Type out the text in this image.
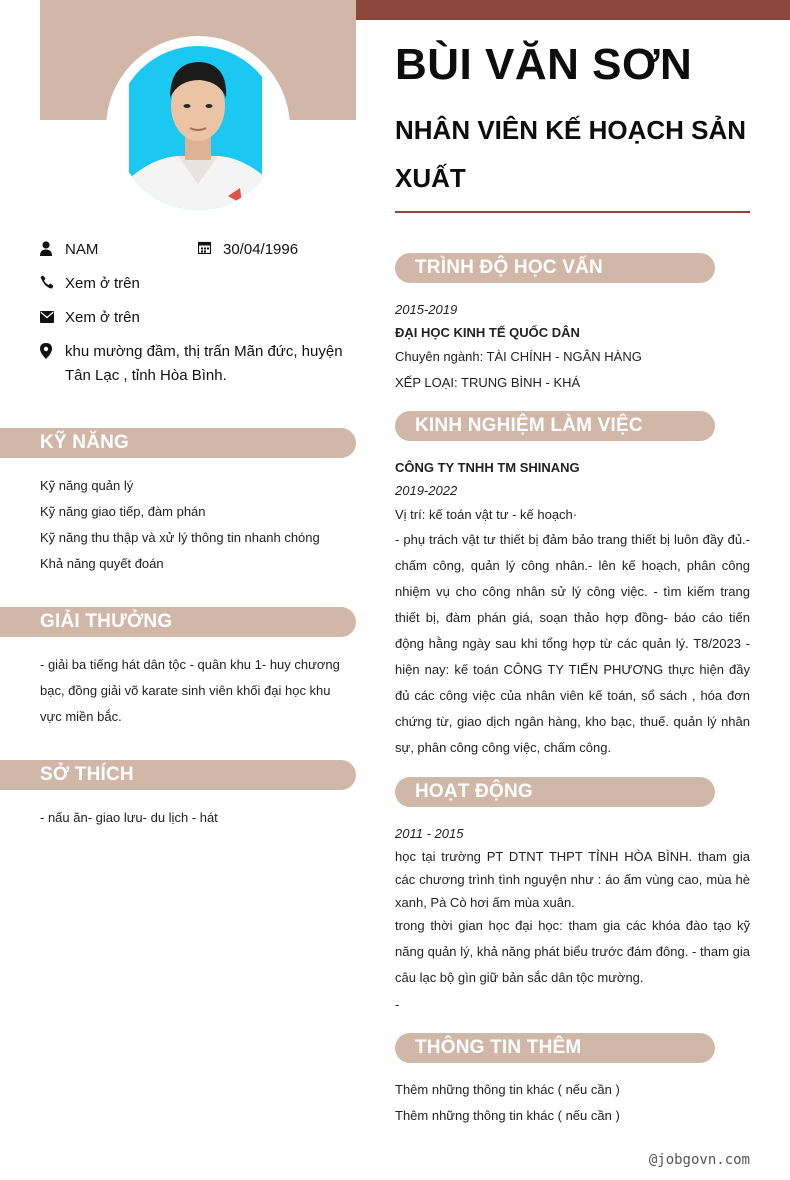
NAM	30/04/1996
Xem ở trên
Xem ở trên
khu mường đầm, thị trấn Mãn đức, huyện Tân Lạc , tỉnh Hòa Bình.
KỸ NĂNG
Kỹ năng quản lý
Kỹ năng giao tiếp, đàm phán
Kỹ năng thu thập và xử lý thông tin nhanh chóng
Khả năng quyết đoán
GIẢI THƯỞNG
- giải ba tiếng hát dân tộc - quân khu 1- huy chương bạc, đồng giải võ karate sinh viên khối đại học khu vực miền bắc.
SỞ THÍCH
- nấu ăn- giao lưu- du lịch - hát
BÙI VĂN SƠN
NHÂN VIÊN KẾ HOẠCH SẢN XUẤT
TRÌNH ĐỘ HỌC VẤN
2015-2019
ĐẠI HỌC KINH TẾ QUỐC DÂN
Chuyên ngành: TÀI CHÍNH - NGÂN HÀNG
XẾP LOẠI: TRUNG BÌNH - KHÁ
KINH NGHIỆM LÀM VIỆC
CÔNG TY TNHH TM SHINANG
2019-2022
Vị trí: kế toán vật tư - kế hoạch·
- phụ trách vật tư thiết bị đảm bảo trang thiết bị luôn đầy đủ.- chấm công, quản lý công nhân.- lên kế hoạch, phân công nhiệm vụ cho công nhân sử lý công việc. - tìm kiếm trang thiết bị, đàm phán giá, soạn thảo hợp đồng- báo cáo tiến động hằng ngày sau khi tổng hợp từ các quản lý. T8/2023 - hiện nay: kế toán CÔNG TY TIẾN PHƯƠNG thực hiện đầy đủ các công việc của nhân viên kế toán, sổ sách , hóa đơn chứng từ, giao dịch ngân hàng, kho bạc, thuế. quản lý nhân sự, phân công công việc, chấm công.
HOẠT ĐỘNG
2011 - 2015
học tại trường PT DTNT THPT TỈNH HÒA BÌNH. tham gia các chương trình tình nguyện như : áo ấm vùng cao, mùa hè xanh, Pà Cò hơi ấm mùa xuân.
trong thời gian học đại học: tham gia các khóa đào tạo kỹ năng quản lý, khả năng phát biểu trước đám đông. - tham gia câu lạc bộ gìn giữ bản sắc dân tộc mường.
-
THÔNG TIN THÊM
Thêm những thông tin khác ( nếu cần )
Thêm những thông tin khác ( nếu cần )
@jobgovn.com
